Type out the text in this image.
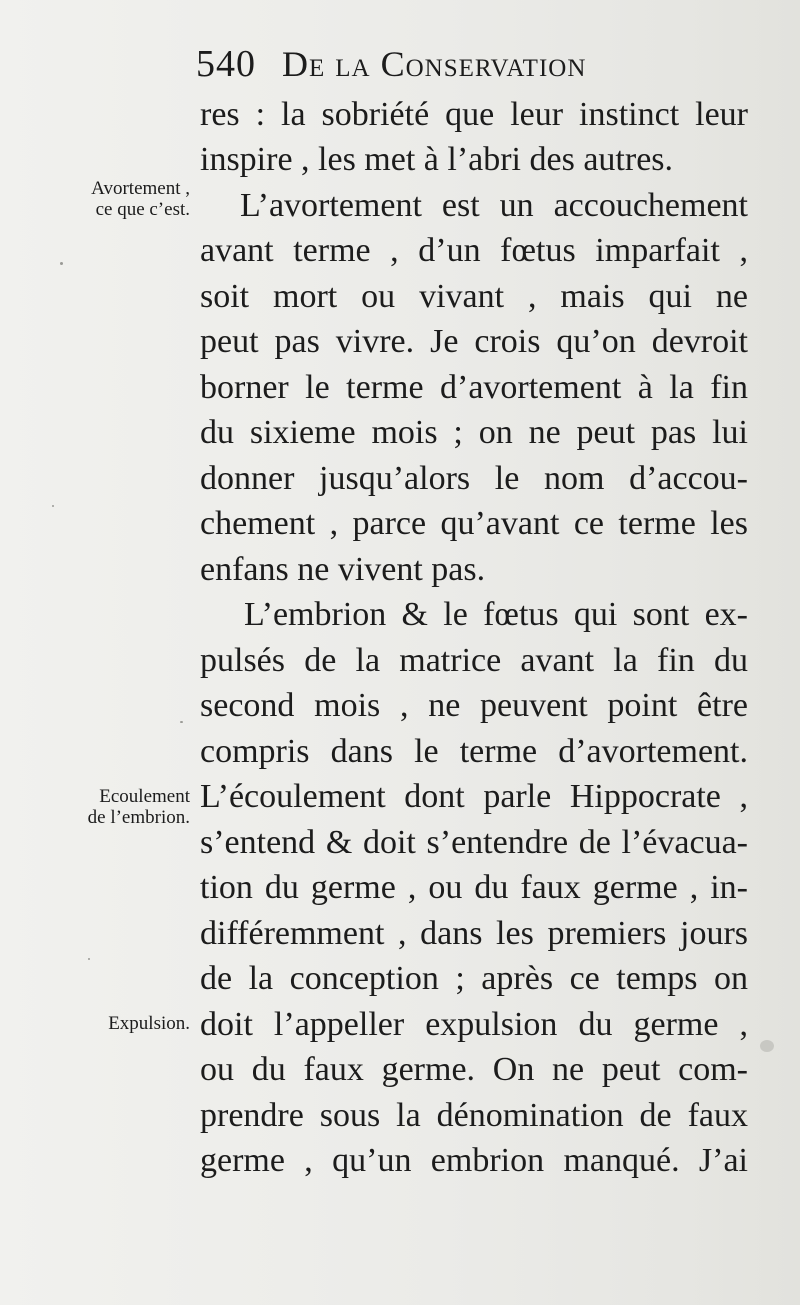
540 De la Conservation
Avortement ,
ce que c’est.
Ecoulement
de l’embrion.
Expulsion.
res : la sobriété que leur instinct leur
inspire , les met à l’abri des autres.
L’avortement est un accouchement
avant terme , d’un fœtus imparfait ,
soit mort ou vivant , mais qui ne
peut pas vivre. Je crois qu’on devroit
borner le terme d’avortement à la fin
du sixieme mois ; on ne peut pas lui
donner jusqu’alors le nom d’accou-
chement , parce qu’avant ce terme les
enfans ne vivent pas.
L’embrion & le fœtus qui sont ex-
pulsés de la matrice avant la fin du
second mois , ne peuvent point être
compris dans le terme d’avortement.
L’écoulement dont parle Hippocrate ,
s’entend & doit s’entendre de l’évacua-
tion du germe , ou du faux germe , in-
différemment , dans les premiers jours
de la conception ; après ce temps on
doit l’appeller expulsion du germe ,
ou du faux germe. On ne peut com-
prendre sous la dénomination de faux
germe , qu’un embrion manqué. J’ai
